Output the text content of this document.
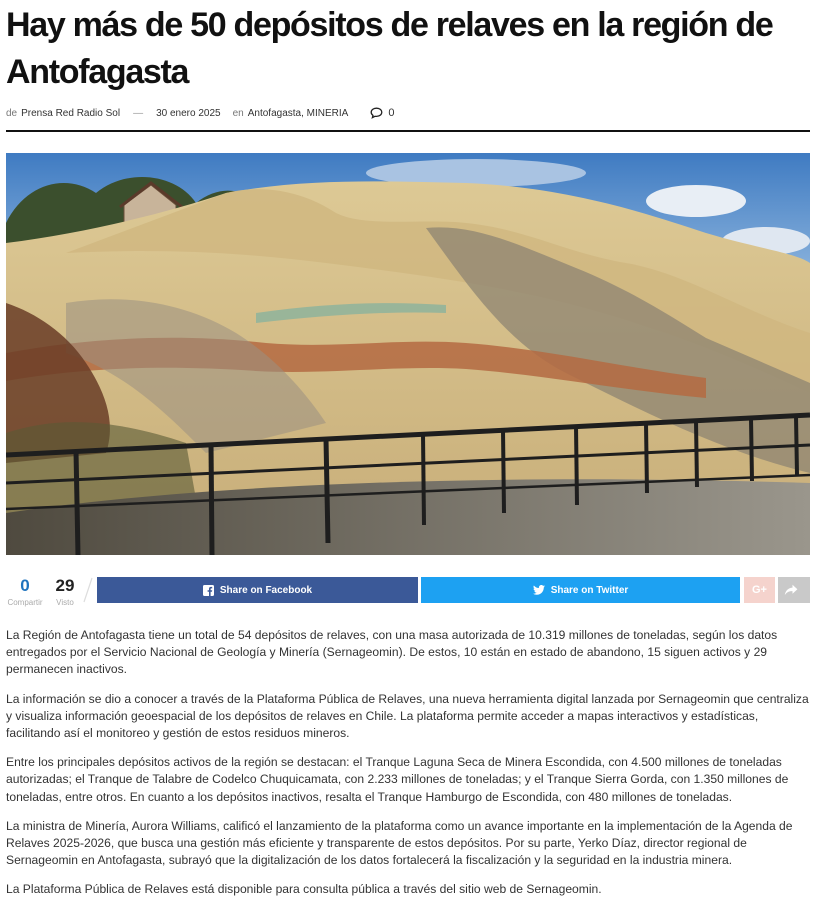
Hay más de 50 depósitos de relaves en la región de Antofagasta
de Prensa Red Radio Sol — 30 enero 2025 en Antofagasta, MINERIA	0
0
Compartir
29
Visto
Share on Facebook	Share on Twitter	G+

La Región de Antofagasta tiene un total de 54 depósitos de relaves, con una masa autorizada de 10.319 millones de toneladas, según los datos entregados por el Servicio Nacional de Geología y Minería (Sernageomin). De estos, 10 están en estado de abandono, 15 siguen activos y 29 permanecen inactivos.

La información se dio a conocer a través de la Plataforma Pública de Relaves, una nueva herramienta digital lanzada por Sernageomin que centraliza y visualiza información geoespacial de los depósitos de relaves en Chile. La plataforma permite acceder a mapas interactivos y estadísticas, facilitando así el monitoreo y gestión de estos residuos mineros.

Entre los principales depósitos activos de la región se destacan: el Tranque Laguna Seca de Minera Escondida, con 4.500 millones de toneladas autorizadas; el Tranque de Talabre de Codelco Chuquicamata, con 2.233 millones de toneladas; y el Tranque Sierra Gorda, con 1.350 millones de toneladas, entre otros. En cuanto a los depósitos inactivos, resalta el Tranque Hamburgo de Escondida, con 480 millones de toneladas.

La ministra de Minería, Aurora Williams, calificó el lanzamiento de la plataforma como un avance importante en la implementación de la Agenda de Relaves 2025-2026, que busca una gestión más eficiente y transparente de estos depósitos. Por su parte, Yerko Díaz, director regional de Sernageomin en Antofagasta, subrayó que la digitalización de los datos fortalecerá la fiscalización y la seguridad en la industria minera.

La Plataforma Pública de Relaves está disponible para consulta pública a través del sitio web de Sernageomin.
